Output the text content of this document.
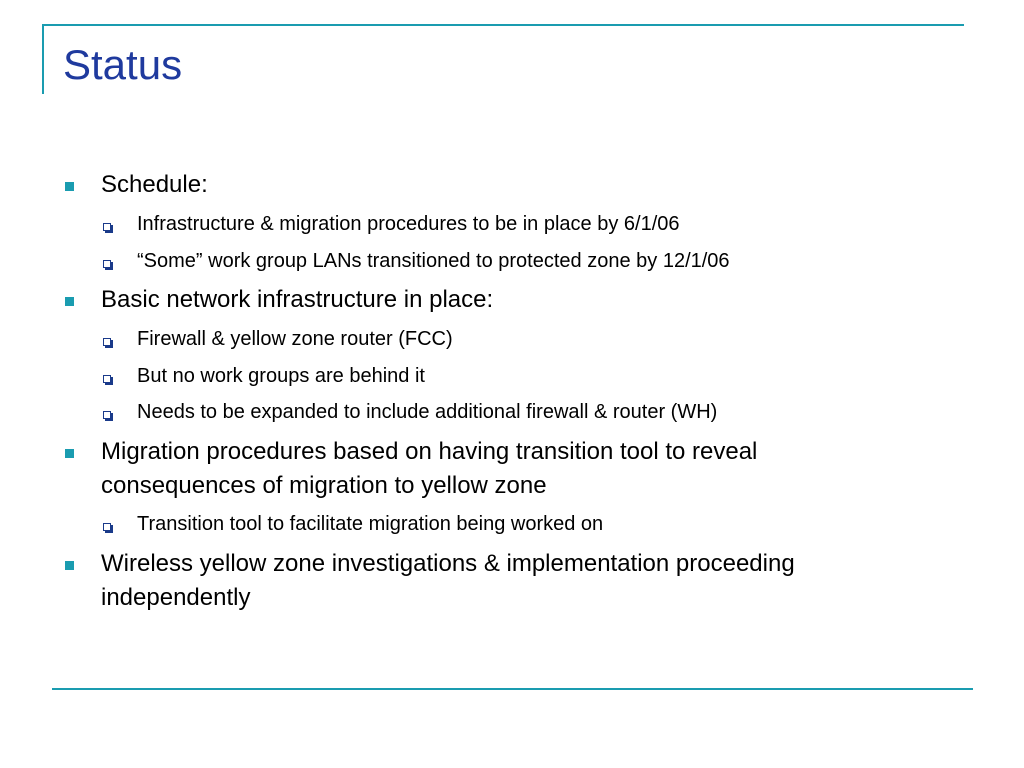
Status
Schedule:
Infrastructure & migration procedures to be in place by 6/1/06
“Some” work group LANs transitioned to protected zone by 12/1/06
Basic network infrastructure in place:
Firewall & yellow zone router (FCC)
But no work groups are behind it
Needs to be expanded to include additional firewall & router (WH)
Migration procedures based on having transition tool to reveal consequences of migration to yellow zone
Transition tool to facilitate migration being worked on
Wireless yellow zone investigations & implementation proceeding independently
